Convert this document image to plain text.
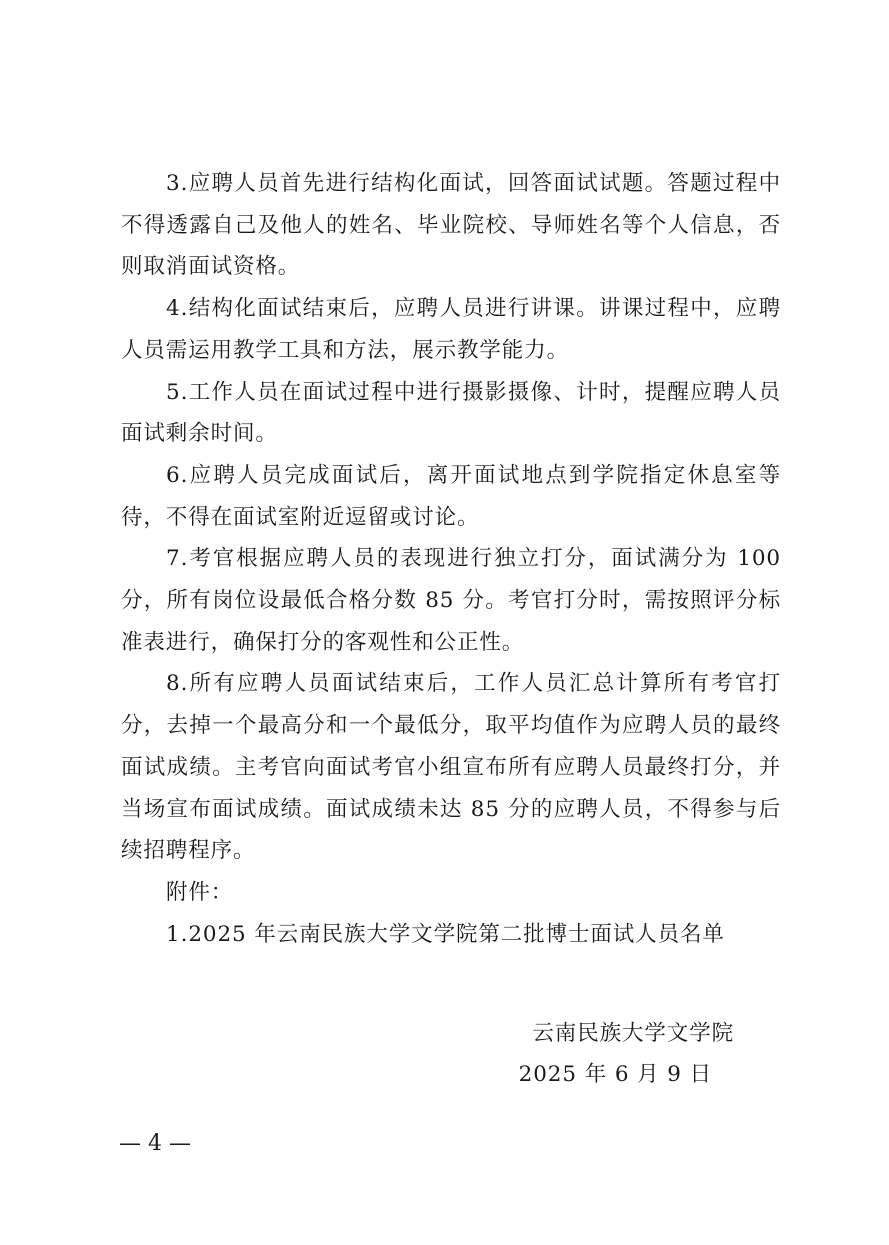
3.应聘人员首先进行结构化面试，回答面试试题。答题过程中不得透露自己及他人的姓名、毕业院校、导师姓名等个人信息，否则取消面试资格。

4.结构化面试结束后，应聘人员进行讲课。讲课过程中，应聘人员需运用教学工具和方法，展示教学能力。

5.工作人员在面试过程中进行摄影摄像、计时，提醒应聘人员面试剩余时间。

6.应聘人员完成面试后，离开面试地点到学院指定休息室等待，不得在面试室附近逗留或讨论。

7.考官根据应聘人员的表现进行独立打分，面试满分为 100 分，所有岗位设最低合格分数 85 分。考官打分时，需按照评分标准表进行，确保打分的客观性和公正性。

8.所有应聘人员面试结束后，工作人员汇总计算所有考官打分，去掉一个最高分和一个最低分，取平均值作为应聘人员的最终面试成绩。主考官向面试考官小组宣布所有应聘人员最终打分，并当场宣布面试成绩。面试成绩未达 85 分的应聘人员，不得参与后续招聘程序。

附件：

1.2025 年云南民族大学文学院第二批博士面试人员名单

云南民族大学文学院
2025 年 6 月 9 日
— 4 —
